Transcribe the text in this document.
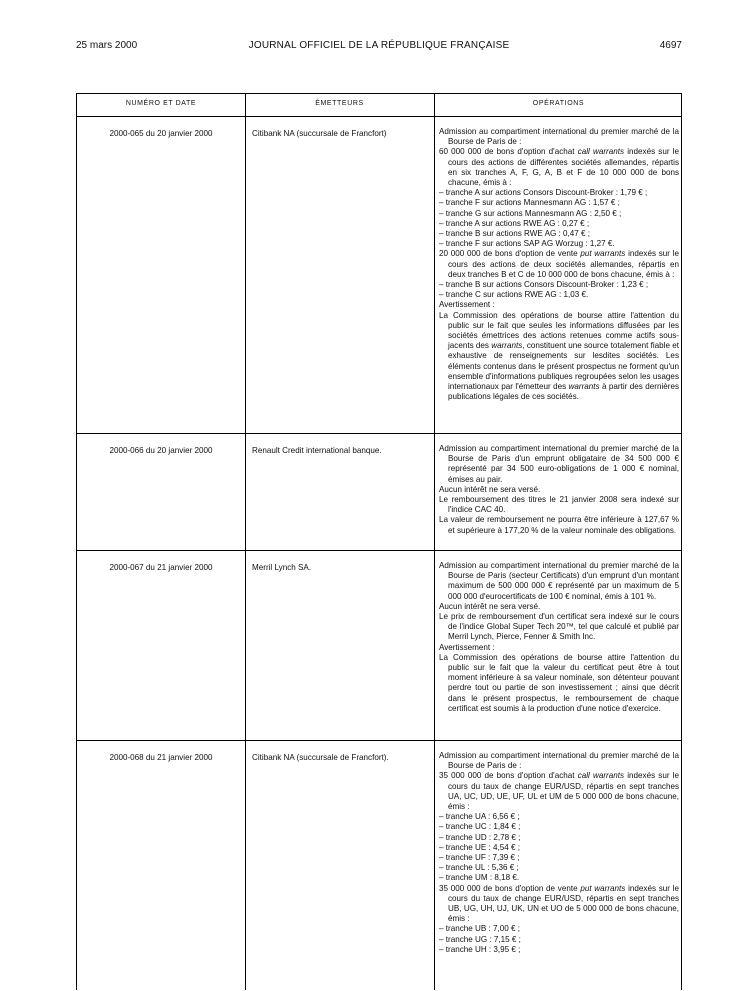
25 mars 2000	JOURNAL OFFICIEL DE LA RÉPUBLIQUE FRANÇAISE	4697
NUMÉRO ET DATE	ÉMETTEURS	OPÉRATIONS
2000-065 du 20 janvier 2000	Citibank NA (succursale de Francfort)	Admission au compartiment international du premier marché de la Bourse de Paris de :

60 000 000 de bons d'option d'achat call warrants indexés sur le cours des actions de différentes sociétés allemandes, répartis en six tranches A, F, G, A, B et F de 10 000 000 de bons chacune, émis à :

– tranche A sur actions Consors Discount-Broker : 1,79 € ;

– tranche F sur actions Mannesmann AG : 1,57 € ;

– tranche G sur actions Mannesmann AG : 2,50 € ;

– tranche A sur actions RWE AG : 0,27 € ;

– tranche B sur actions RWE AG : 0,47 € ;

– tranche F sur actions SAP AG Worzug : 1,27 €.

20 000 000 de bons d'option de vente put warrants indexés sur le cours des actions de deux sociétés allemandes, répartis en deux tranches B et C de 10 000 000 de bons chacune, émis à :

– tranche B sur actions Consors Discount-Broker : 1,23 € ;

– tranche C sur actions RWE AG : 1,03 €.

Avertissement :

La Commission des opérations de bourse attire l'attention du public sur le fait que seules les informations diffusées par les sociétés émettrices des actions retenues comme actifs sous-jacents des warrants, constituent une source totalement fiable et exhaustive de renseignements sur lesdites sociétés. Les éléments contenus dans le présent prospectus ne forment qu'un ensemble d'informations publiques regroupées selon les usages internationaux par l'émetteur des warrants à partir des dernières publications légales de ces sociétés.

2000-066 du 20 janvier 2000	Renault Credit international banque.	Admission au compartiment international du premier marché de la Bourse de Paris d'un emprunt obligataire de 34 500 000 € représenté par 34 500 euro-obligations de 1 000 € nominal, émises au pair.

Aucun intérêt ne sera versé.

Le remboursement des titres le 21 janvier 2008 sera indexé sur l'indice CAC 40.

La valeur de remboursement ne pourra être inférieure à 127,67 % et supérieure à 177,20 % de la valeur nominale des obligations.

2000-067 du 21 janvier 2000	Merril Lynch SA.	Admission au compartiment international du premier marché de la Bourse de Paris (secteur Certificats) d'un emprunt d'un montant maximum de 500 000 000 € représenté par un maximum de 5 000 000 d'eurocertificats de 100 € nominal, émis à 101 %.

Aucun intérêt ne sera versé.

Le prix de remboursement d'un certificat sera indexé sur le cours de l'indice Global Super Tech 20™, tel que calculé et publié par Merril Lynch, Pierce, Fenner & Smith Inc.

Avertissement :

La Commission des opérations de bourse attire l'attention du public sur le fait que la valeur du certificat peut être à tout moment inférieure à sa valeur nominale, son détenteur pouvant perdre tout ou partie de son investissement ; ainsi que décrit dans le présent prospectus, le remboursement de chaque certificat est soumis à la production d'une notice d'exercice.

2000-068 du 21 janvier 2000	Citibank NA (succursale de Francfort).	Admission au compartiment international du premier marché de la Bourse de Paris de :

35 000 000 de bons d'option d'achat call warrants indexés sur le cours du taux de change EUR/USD, répartis en sept tranches UA, UC, UD, UE, UF, UL et UM de 5 000 000 de bons chacune, émis :

– tranche UA : 6,56 € ;

– tranche UC : 1,84 € ;

– tranche UD : 2,78 € ;

– tranche UE : 4,54 € ;

– tranche UF : 7,39 € ;

– tranche UL : 5,36 € ;

– tranche UM : 8,18 €.

35 000 000 de bons d'option de vente put warrants indexés sur le cours du taux de change EUR/USD, répartis en sept tranches UB, UG, UH, UJ, UK, UN et UO de 5 000 000 de bons chacune, émis :

– tranche UB : 7,00 € ;

– tranche UG : 7,15 € ;

– tranche UH : 3,95 € ;
